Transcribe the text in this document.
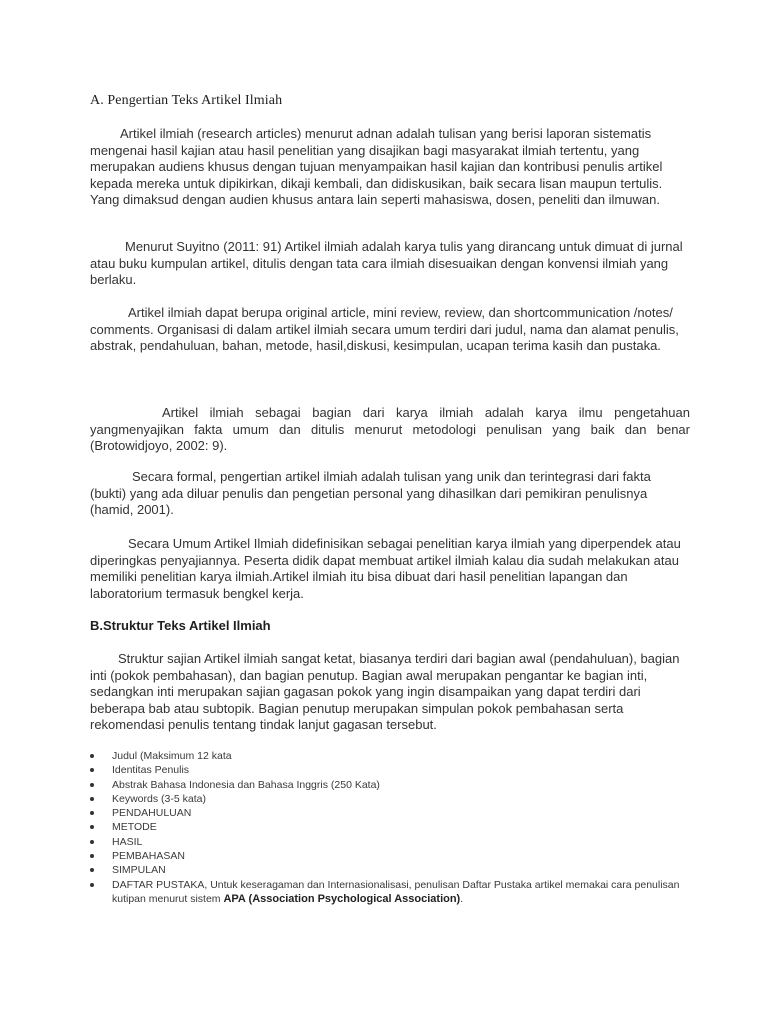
A. Pengertian Teks Artikel Ilmiah

Artikel ilmiah (research articles) menurut adnan adalah tulisan yang berisi laporan sistematis mengenai hasil kajian atau hasil penelitian yang disajikan bagi masyarakat ilmiah tertentu, yang merupakan audiens khusus dengan tujuan menyampaikan hasil kajian dan kontribusi penulis artikel kepada mereka untuk dipikirkan, dikaji kembali, dan didiskusikan, baik secara lisan maupun tertulis. Yang dimaksud dengan audien khusus antara lain seperti mahasiswa, dosen, peneliti dan ilmuwan.

Menurut Suyitno (2011: 91) Artikel ilmiah adalah karya tulis yang dirancang untuk dimuat di jurnal atau buku kumpulan artikel, ditulis dengan tata cara ilmiah disesuaikan dengan konvensi ilmiah yang berlaku.

Artikel ilmiah dapat berupa original article, mini review, review, dan shortcommunication /notes/ comments. Organisasi di dalam artikel ilmiah secara umum terdiri dari judul, nama dan alamat penulis, abstrak, pendahuluan, bahan, metode, hasil,diskusi, kesimpulan, ucapan terima kasih dan pustaka.

Artikel ilmiah sebagai bagian dari karya ilmiah adalah karya ilmu pengetahuan yangmenyajikan fakta umum dan ditulis menurut metodologi penulisan yang baik dan benar (Brotowidjoyo, 2002: 9).

Secara formal, pengertian artikel ilmiah adalah tulisan yang unik dan terintegrasi dari fakta (bukti) yang ada diluar penulis dan pengetian personal yang dihasilkan dari pemikiran penulisnya (hamid, 2001).

Secara Umum Artikel Ilmiah didefinisikan sebagai penelitian karya ilmiah yang diperpendek atau diperingkas penyajiannya. Peserta didik dapat membuat artikel ilmiah kalau dia sudah melakukan atau memiliki penelitian karya ilmiah.Artikel ilmiah itu bisa dibuat dari hasil penelitian lapangan dan laboratorium termasuk bengkel kerja.

B.Struktur Teks Artikel Ilmiah

Struktur sajian Artikel ilmiah sangat ketat, biasanya terdiri dari bagian awal (pendahuluan), bagian inti (pokok pembahasan), dan bagian penutup. Bagian awal merupakan pengantar ke bagian inti, sedangkan inti merupakan sajian gagasan pokok yang ingin disampaikan yang dapat terdiri dari beberapa bab atau subtopik. Bagian penutup merupakan simpulan pokok pembahasan serta rekomendasi penulis tentang tindak lanjut gagasan tersebut.

Judul (Maksimum 12 kata
Identitas Penulis
Abstrak Bahasa Indonesia dan Bahasa Inggris (250 Kata)
Keywords (3-5 kata)
PENDAHULUAN
METODE
HASIL
PEMBAHASAN
SIMPULAN
DAFTAR PUSTAKA, Untuk keseragaman dan Internasionalisasi, penulisan Daftar Pustaka artikel memakai cara penulisan kutipan menurut sistem APA (Association Psychological Association).
